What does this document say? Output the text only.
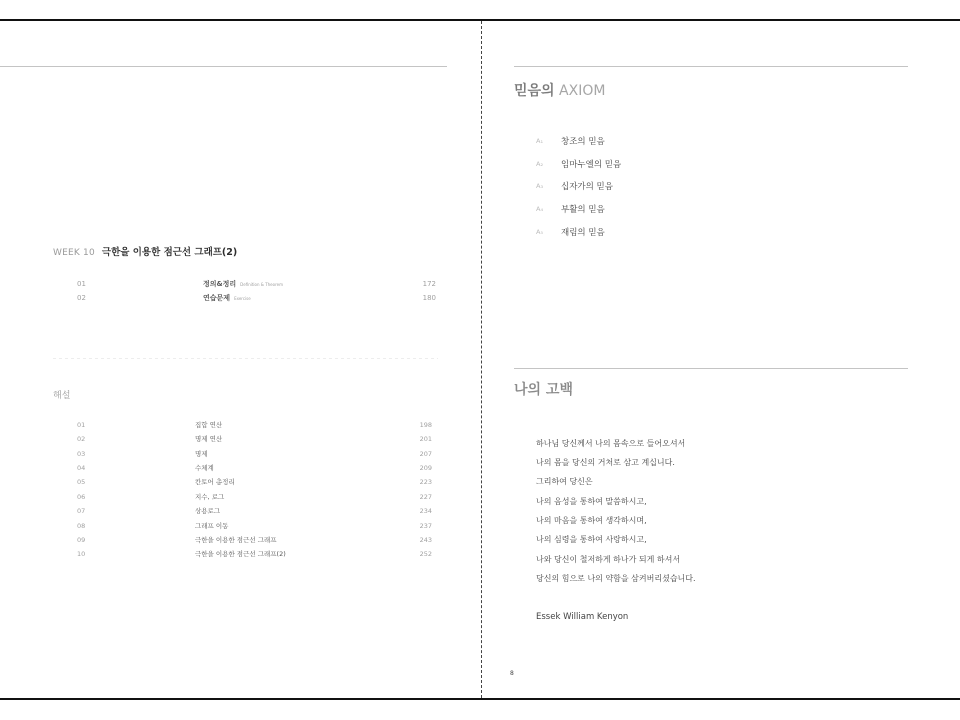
WEEK 10 극한을 이용한 점근선 그래프(2)
01	정의&정리 Definition & Theorem	172
02	연습문제 Exercise	180
해설
01	집합 연산	198
02	명제 연산	201
03	명제	207
04	수체계	209
05	칸토어 총정리	223
06	지수, 로그	227
07	상용로그	234
08	그래프 이동	237
09	극한을 이용한 점근선 그래프	243
10	극한을 이용한 점근선 그래프(2)	252
믿음의 AXIOM
A₁	창조의 믿음
A₂	임마누엘의 믿음
A₃	십자가의 믿음
A₄	부활의 믿음
A₅	재림의 믿음
나의 고백
하나님 당신께서 나의 몸속으로 들어오셔서
나의 몸을 당신의 거처로 삼고 계십니다.
그리하여 당신은
나의 음성을 통하여 말씀하시고,
나의 마음을 통하여 생각하시며,
나의 심령을 통하여 사랑하시고,
나와 당신이 철저하게 하나가 되게 하셔서
당신의 힘으로 나의 약함을 삼켜버리셨습니다.
Essek William Kenyon
8
